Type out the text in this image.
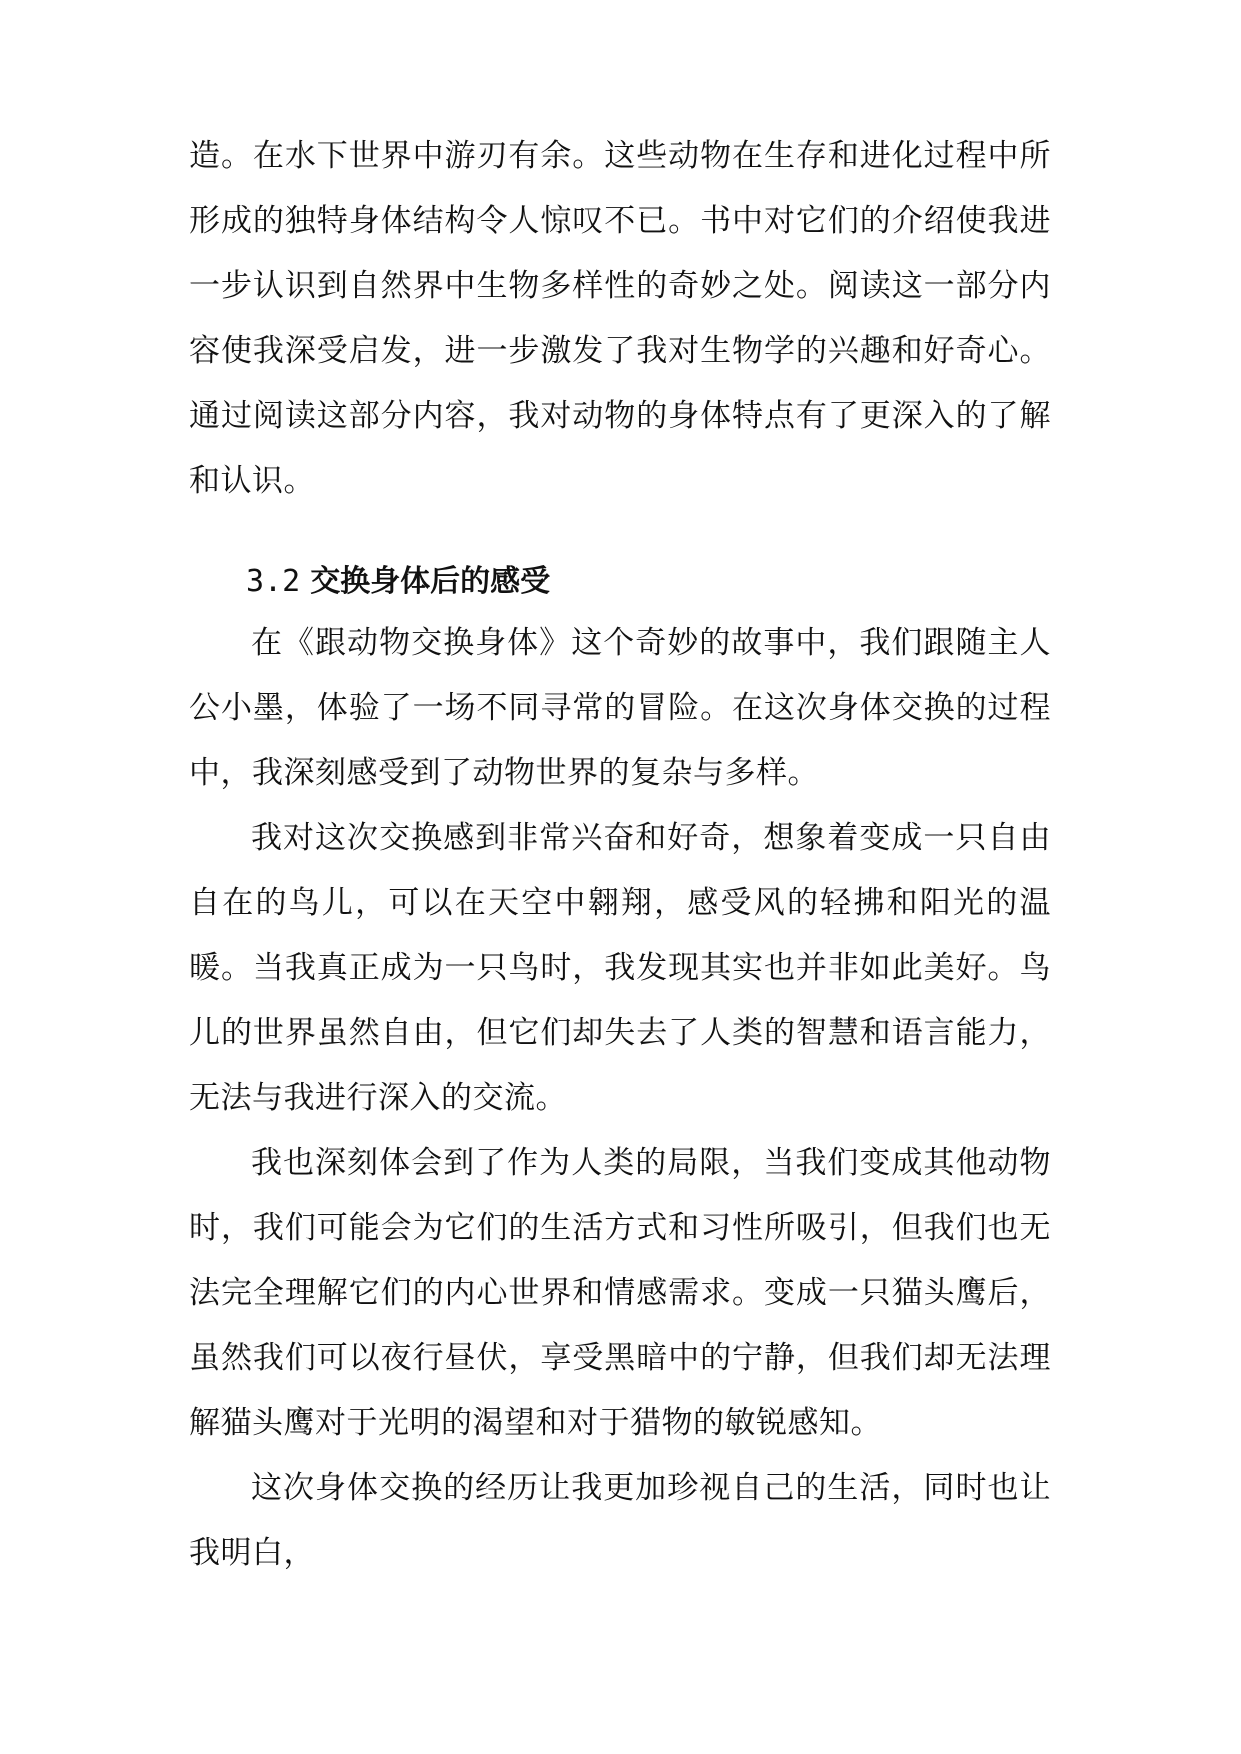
造。在水下世界中游刃有余。这些动物在生存和进化过程中所形成的独特身体结构令人惊叹不已。书中对它们的介绍使我进一步认识到自然界中生物多样性的奇妙之处。阅读这一部分内容使我深受启发，进一步激发了我对生物学的兴趣和好奇心。通过阅读这部分内容，我对动物的身体特点有了更深入的了解和认识。

3.2 交换身体后的感受

在《跟动物交换身体》这个奇妙的故事中，我们跟随主人公小墨，体验了一场不同寻常的冒险。在这次身体交换的过程中，我深刻感受到了动物世界的复杂与多样。

我对这次交换感到非常兴奋和好奇，想象着变成一只自由自在的鸟儿，可以在天空中翱翔，感受风的轻拂和阳光的温暖。当我真正成为一只鸟时，我发现其实也并非如此美好。鸟儿的世界虽然自由，但它们却失去了人类的智慧和语言能力，无法与我进行深入的交流。

我也深刻体会到了作为人类的局限，当我们变成其他动物时，我们可能会为它们的生活方式和习性所吸引，但我们也无法完全理解它们的内心世界和情感需求。变成一只猫头鹰后，虽然我们可以夜行昼伏，享受黑暗中的宁静，但我们却无法理解猫头鹰对于光明的渴望和对于猎物的敏锐感知。

这次身体交换的经历让我更加珍视自己的生活，同时也让我明白，
